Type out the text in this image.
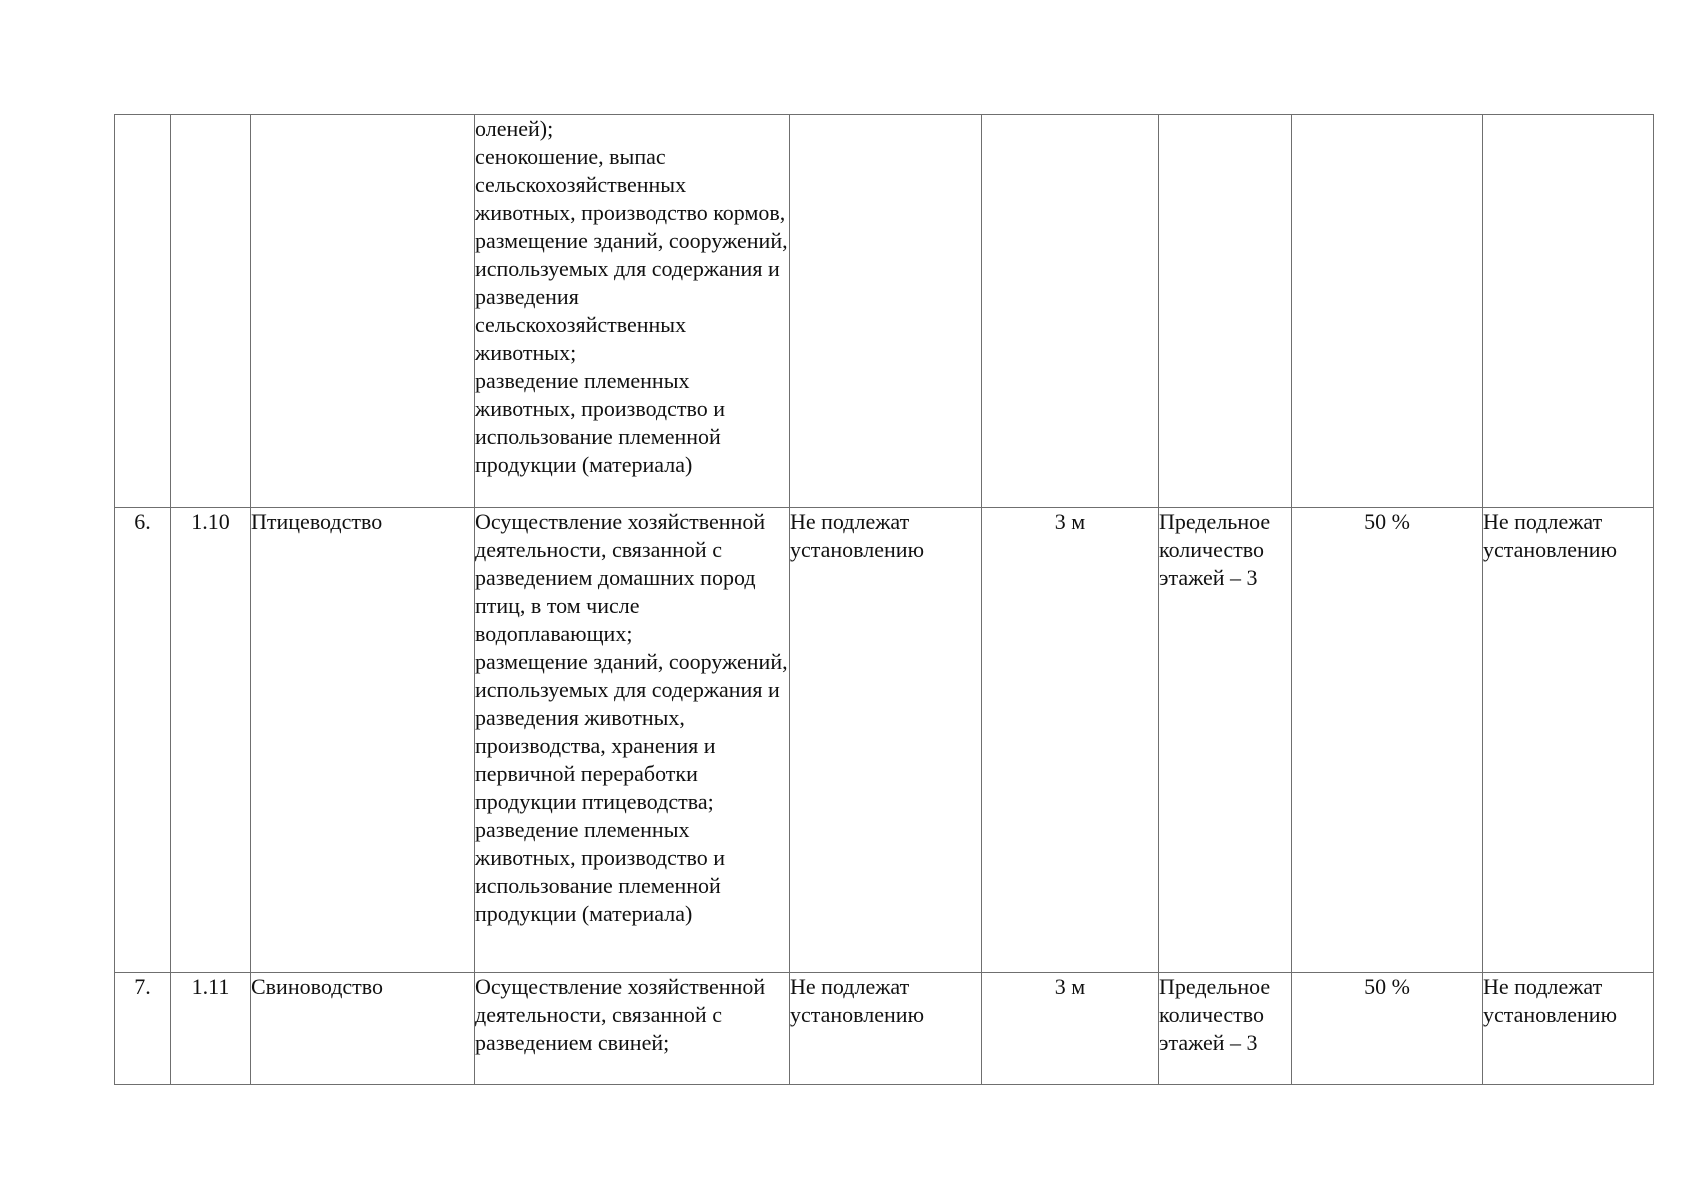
			оленей);
сенокошение, выпас сельскохозяйственных животных, производство кормов, размещение зданий, сооружений, используемых для содержания и разведения сельскохозяйственных животных;
разведение племенных животных, производство и использование племенной продукции (материала)					
6.	1.10	Птицеводство	Осуществление хозяйственной деятельности, связанной с разведением домашних пород птиц, в том числе водоплавающих;
размещение зданий, сооружений, используемых для содержания и разведения животных, производства, хранения и первичной переработки продукции птицеводства;
разведение племенных животных, производство и использование племенной продукции (материала)	Не подлежат установлению	3 м	Предельное количество этажей – 3	50 %	Не подлежат установлению
7.	1.11	Свиноводство	Осуществление хозяйственной деятельности, связанной с разведением свиней;	Не подлежат установлению	3 м	Предельное количество этажей – 3	50 %	Не подлежат установлению
